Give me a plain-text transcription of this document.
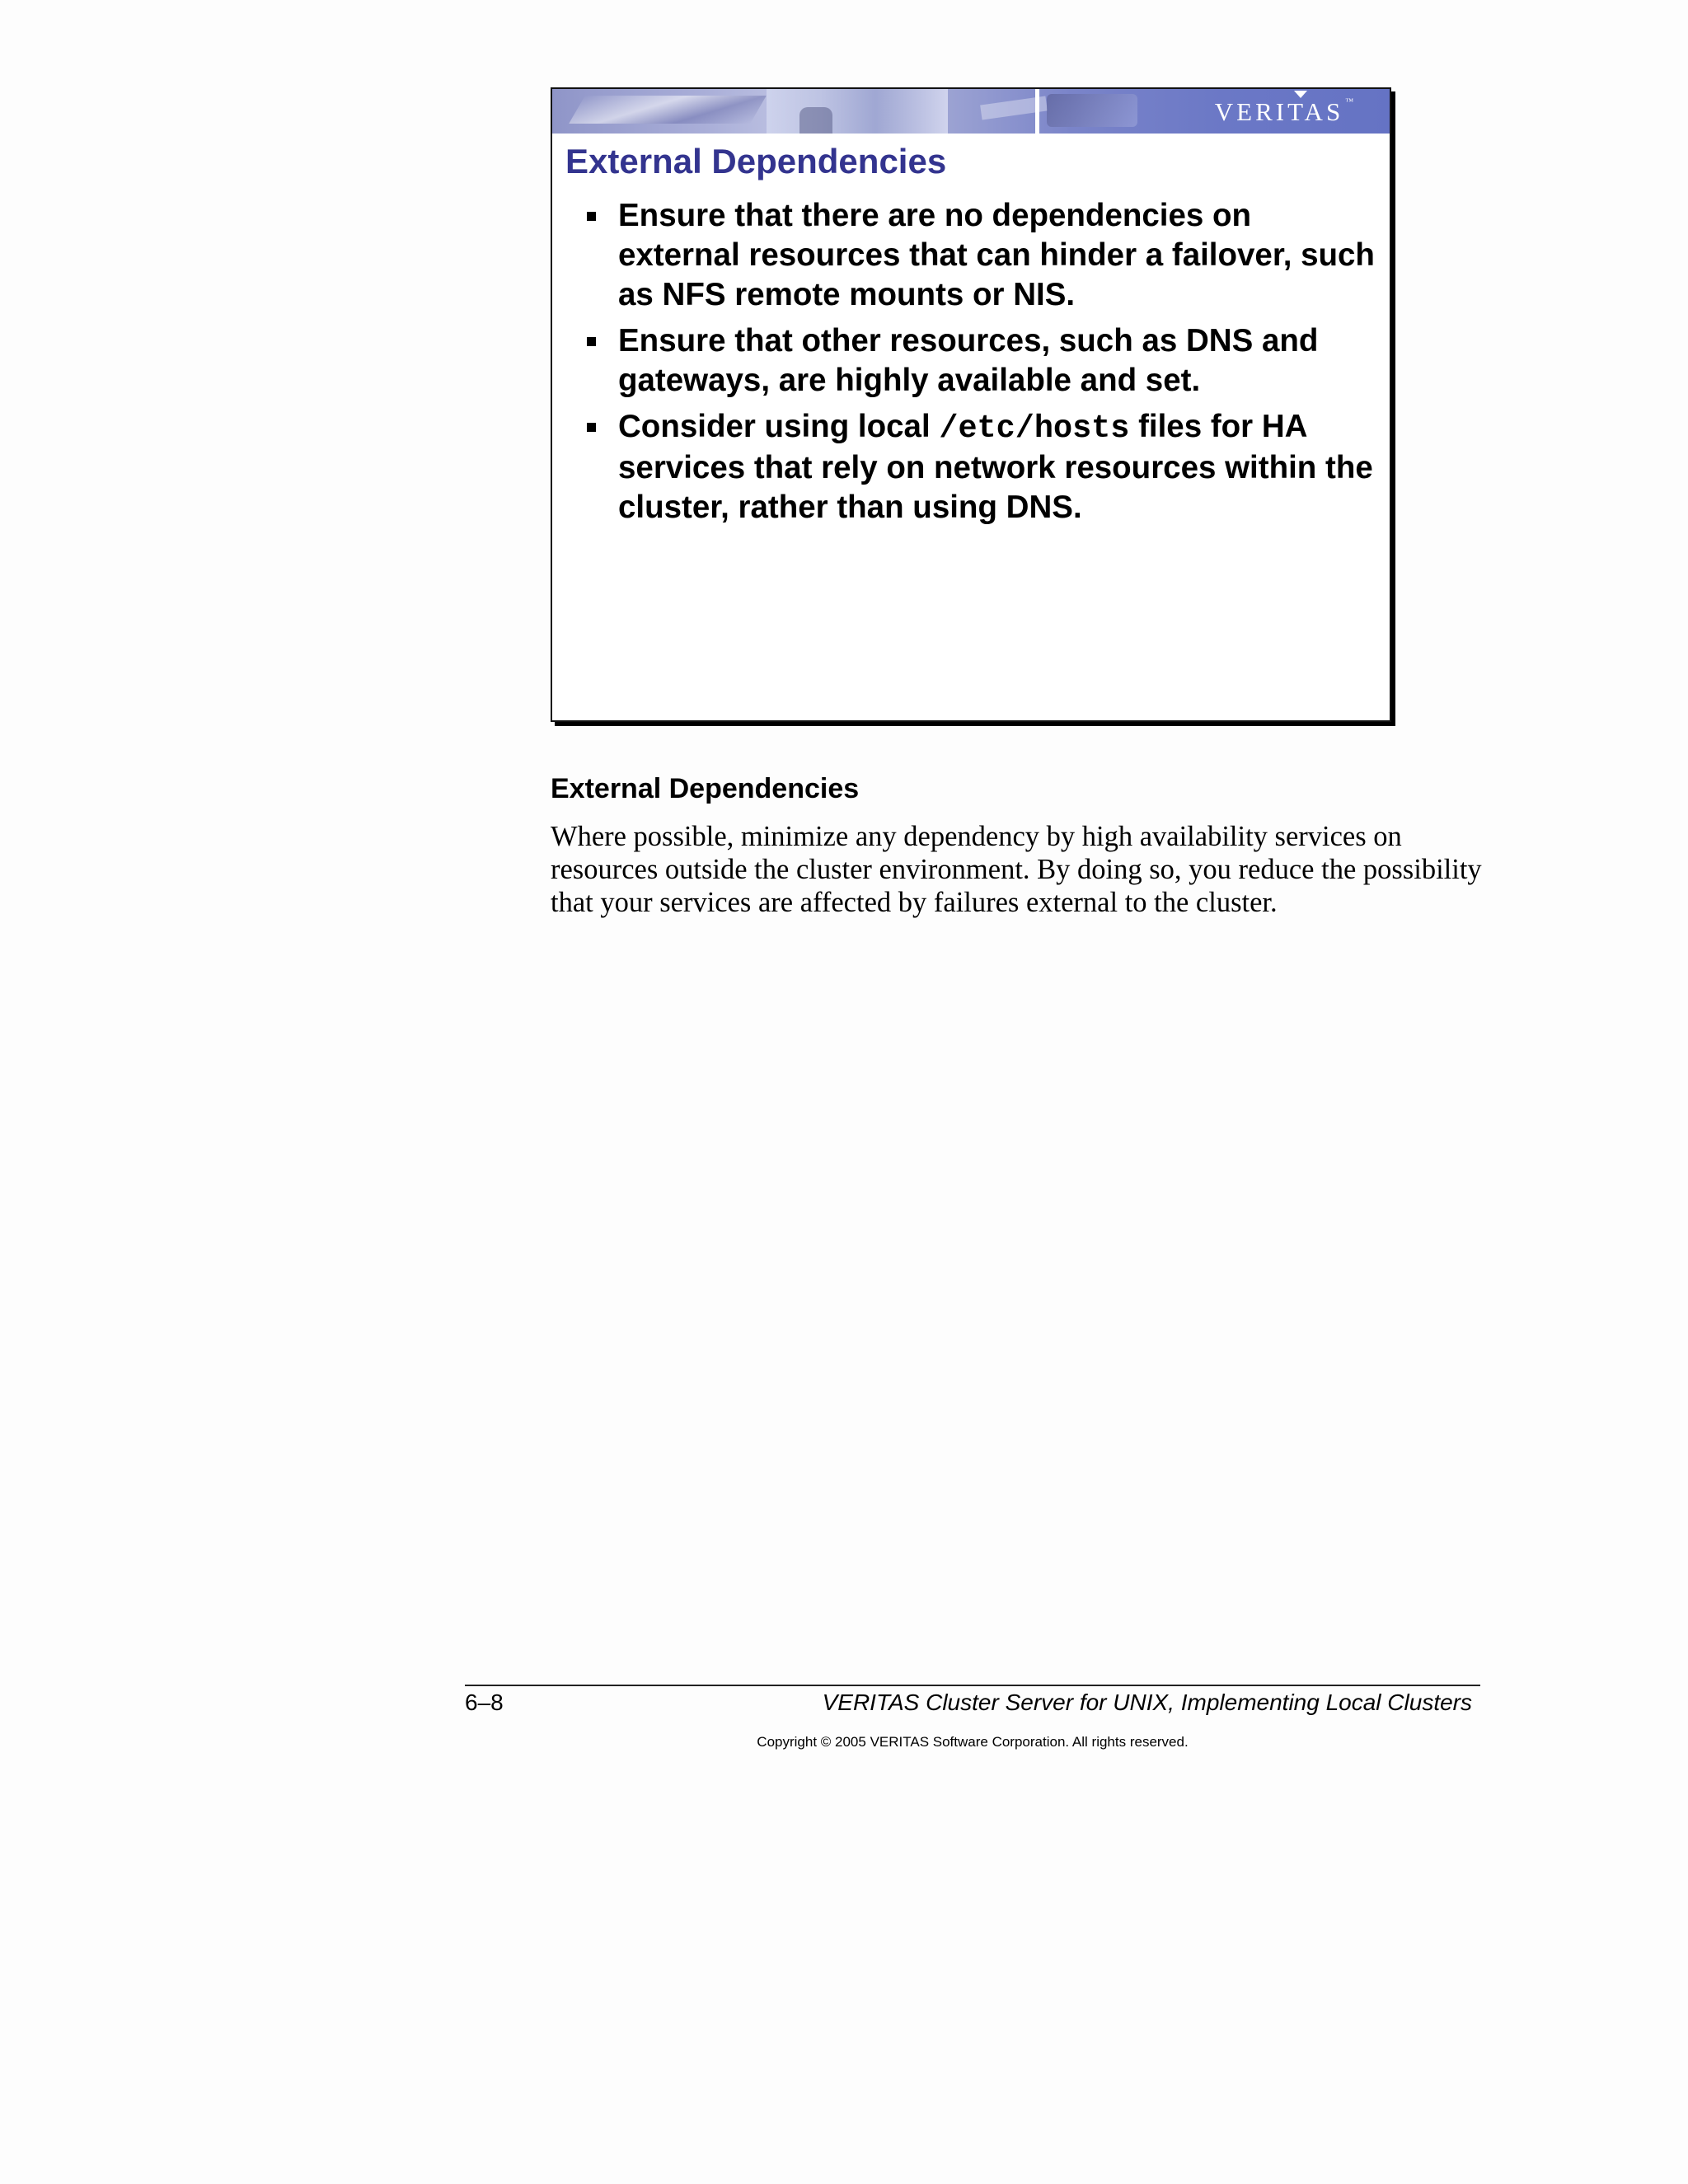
VERITAS ™
External Dependencies
Ensure that there are no dependencies on external resources that can hinder a failover, such as NFS remote mounts or NIS.
Ensure that other resources, such as DNS and gateways, are highly available and set.
Consider using local /etc/hosts files for HA services that rely on network resources within the cluster, rather than using DNS.
External Dependencies

Where possible, minimize any dependency by high availability services on resources outside the cluster environment. By doing so, you reduce the possibility that your services are affected by failures external to the cluster.

6–8	VERITAS Cluster Server for UNIX, Implementing Local Clusters
Copyright © 2005 VERITAS Software Corporation. All rights reserved.
